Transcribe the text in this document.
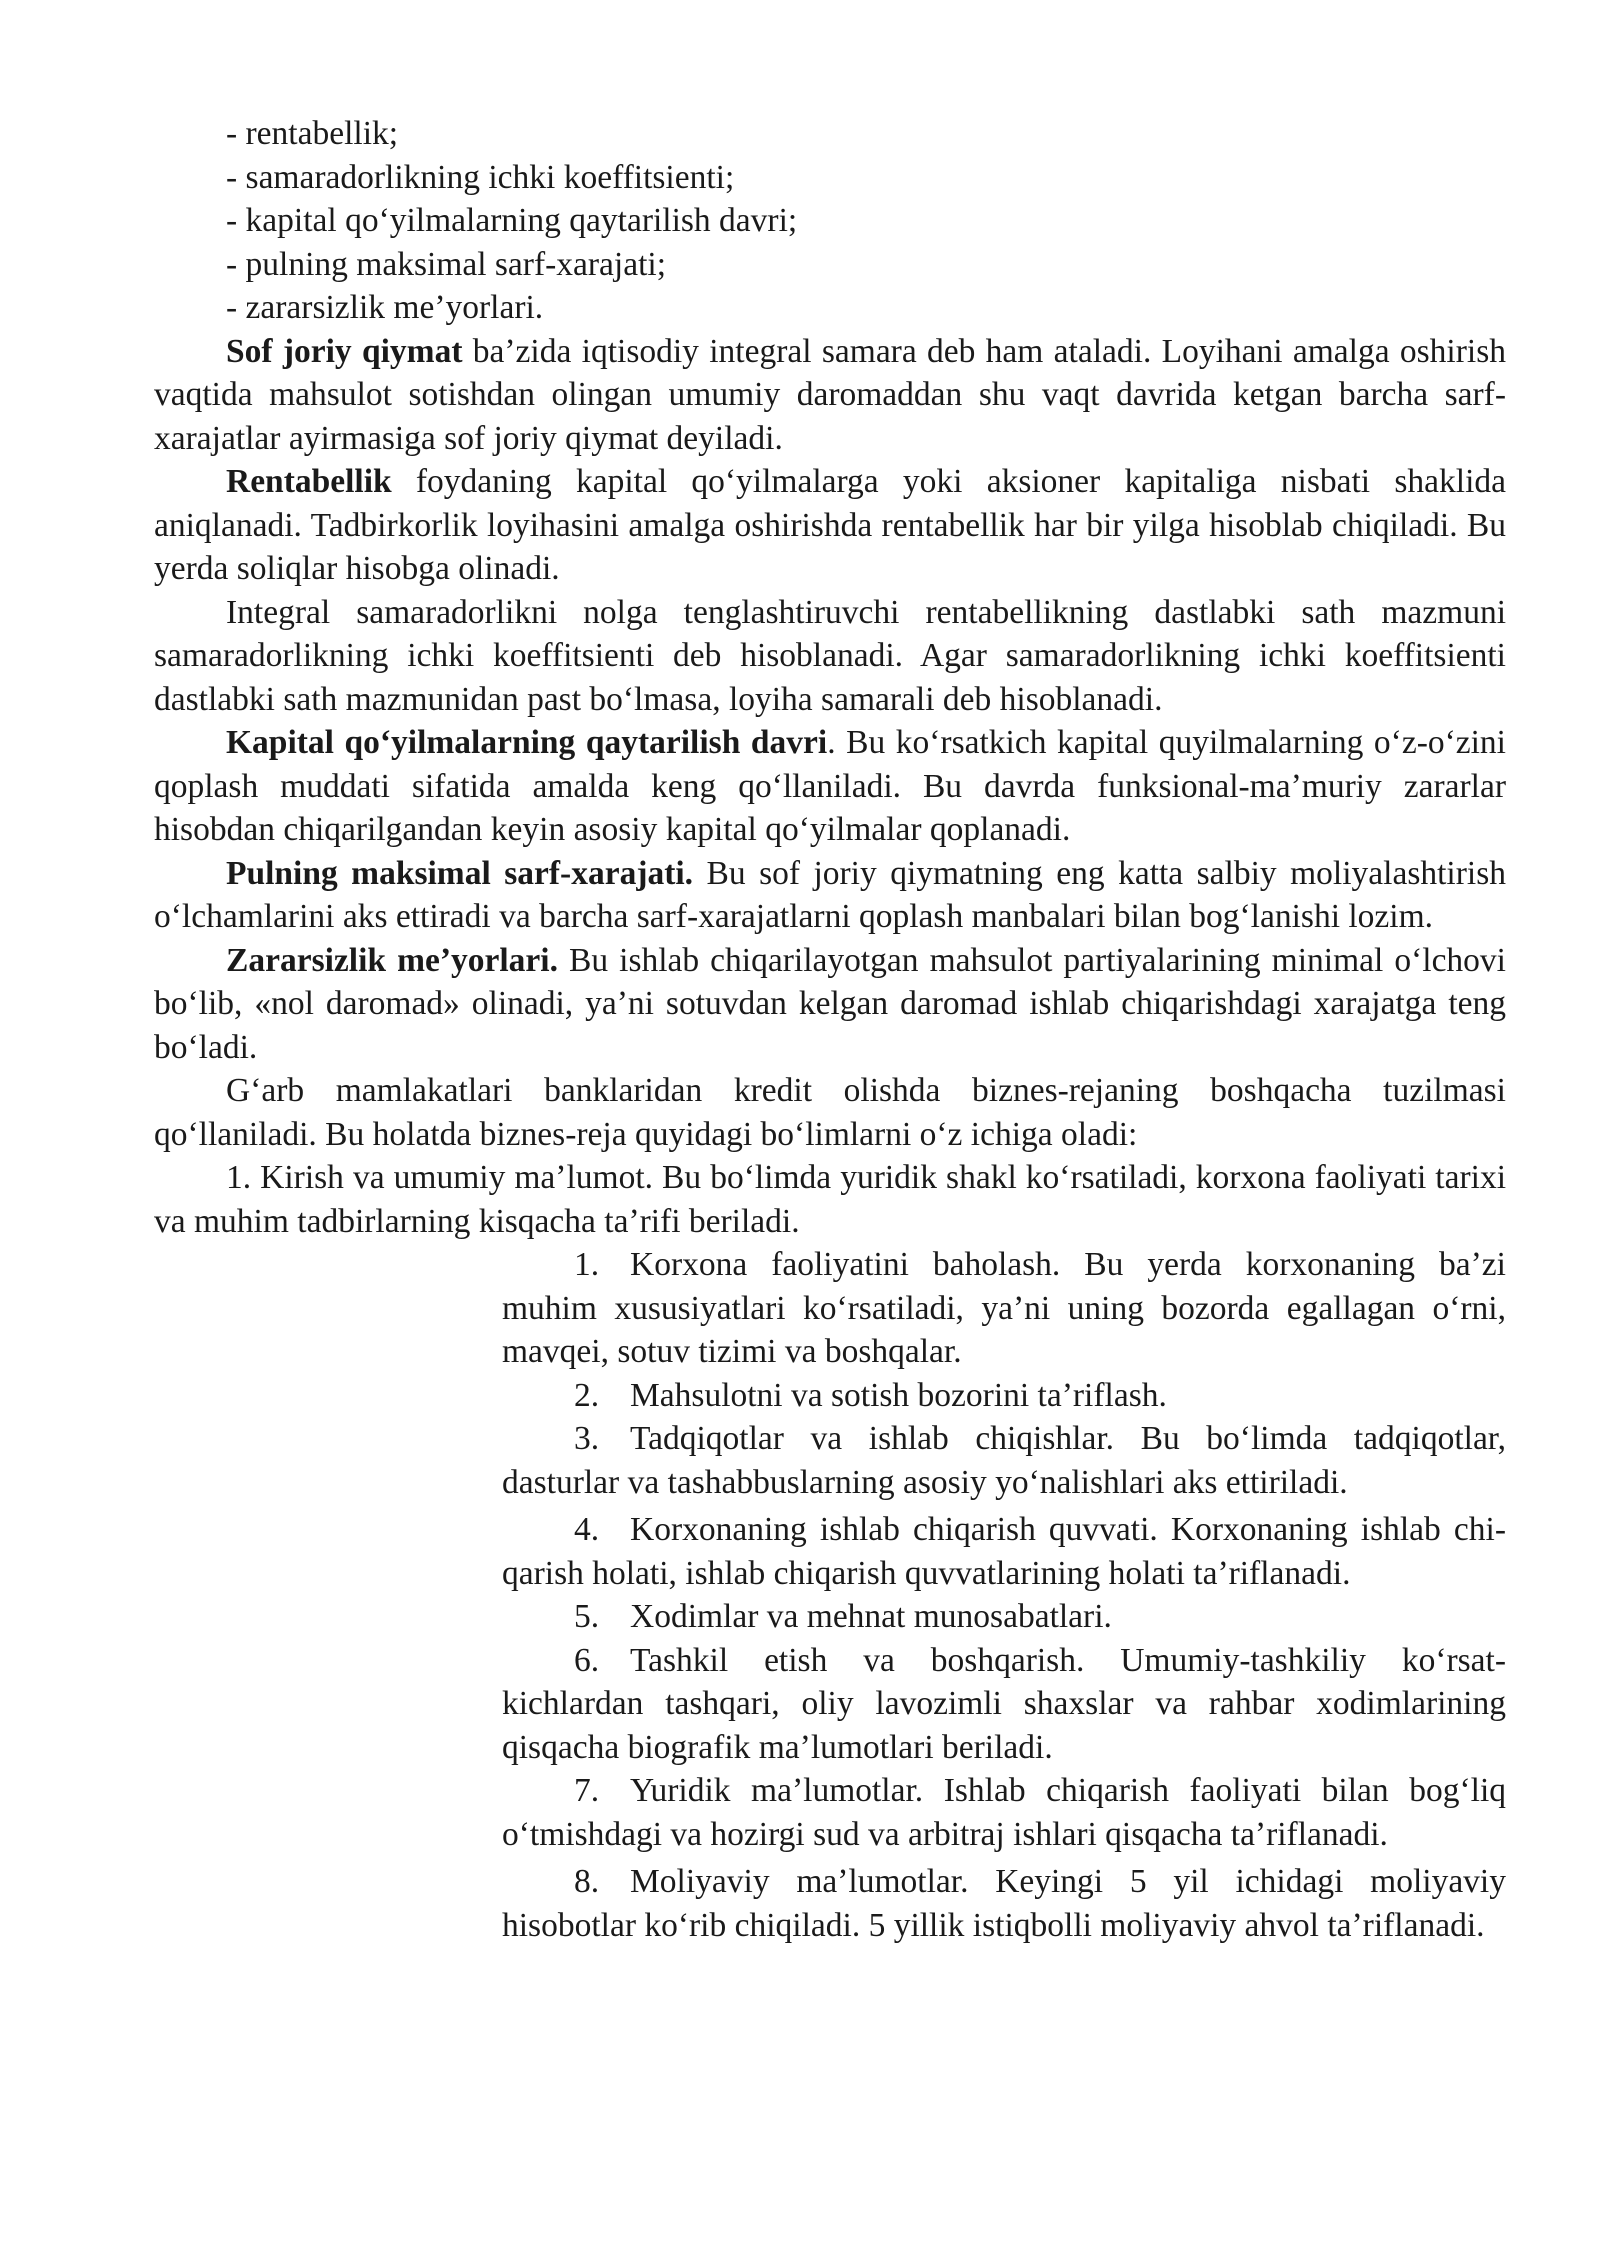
- rentabellik;

- samaradorlikning ichki koeffitsienti;

- kapital qoʻyilmalarning qaytarilish davri;

- pulning maksimal sarf-xarajati;

- zararsizlik meʼyorlari.

Sof joriy qiymat baʼzida iqtisodiy integral samara deb ham ataladi. Loyihani amalga oshirish vaqtida mahsulot sotishdan olingan umumiy daromaddan shu vaqt davrida ketgan barcha sarf-xarajatlar ayirmasiga sof joriy qiymat deyiladi.

Rentabellik foydaning kapital qoʻyilmalarga yoki aksioner kapitaliga nisbati shaklida aniqlanadi. Tadbirkorlik loyihasini amalga oshirishda rentabellik har bir yilga hisoblab chiqiladi. Bu yerda soliqlar hisobga olinadi.

Integral samaradorlikni nolga tenglashtiruvchi rentabellikning dastlabki sath mazmuni samaradorlikning ichki koeffitsienti deb hisoblanadi. Agar samaradorlikning ichki koeffitsienti dastlabki sath mazmunidan past boʻlmasa, loyiha samarali deb hisoblanadi.

Kapital qoʻyilmalarning qaytarilish davri. Bu koʻrsatkich kapital quyilmalarning oʻz-oʻzini qoplash muddati sifatida amalda keng qoʻllaniladi. Bu davrda funksional-maʼmuriy zararlar hisobdan chiqarilgandan keyin asosiy kapital qoʻyilmalar qoplanadi.

Pulning maksimal sarf-xarajati. Bu sof joriy qiymatning eng katta salbiy moliyalashtirish oʻlchamlarini aks ettiradi va barcha sarf-xarajatlarni qoplash manbalari bilan bogʻlanishi lozim.

Zararsizlik meʼyorlari. Bu ishlab chiqarilayotgan mahsulot partiyalarining minimal oʻlchovi boʻlib, «nol daromad» olinadi, yaʼni sotuvdan kelgan daromad ishlab chiqarishdagi xarajatga teng boʻladi.

Gʻarb mamlakatlari banklaridan kredit olishda biznes-rejaning boshqacha tuzilmasi qoʻllaniladi. Bu holatda biznes-reja quyidagi boʻlimlarni oʻz ichiga oladi:

1. Kirish va umumiy maʼlumot. Bu boʻlimda yuridik shakl koʻrsatiladi, korxona faoliyati tarixi va muhim tadbirlarning kisqacha taʼrifi beriladi.

1. Korxona faoliyatini baholash. Bu yerda korxonaning baʼzi muhim xususiyatlari koʻrsatiladi, yaʼni uning bozorda egallagan oʻrni, mavqei, sotuv tizimi va boshqalar.

2. Mahsulotni va sotish bozorini taʼriflash.

3. Tadqiqotlar va ishlab chiqishlar. Bu boʻlimda tadqiqotlar, dasturlar va tashabbuslarning asosiy yoʻnalishlari aks ettiriladi.

4. Korxonaning ishlab chiqarish quvvati. Korxonaning ishlab chi-qarish holati, ishlab chiqarish quvvatlarining holati taʼriflanadi.

5. Xodimlar va mehnat munosabatlari.

6. Tashkil etish va boshqarish. Umumiy-tashkiliy koʻrsat-kichlardan tashqari, oliy lavozimli shaxslar va rahbar xodimlarining qisqacha biografik maʼlumotlari beriladi.

7. Yuridik maʼlumotlar. Ishlab chiqarish faoliyati bilan bogʻliq oʻtmishdagi va hozirgi sud va arbitraj ishlari qisqacha taʼriflanadi.

8. Moliyaviy maʼlumotlar. Keyingi 5 yil ichidagi moliyaviy hisobotlar koʻrib chiqiladi. 5 yillik istiqbolli moliyaviy ahvol taʼriflanadi.
